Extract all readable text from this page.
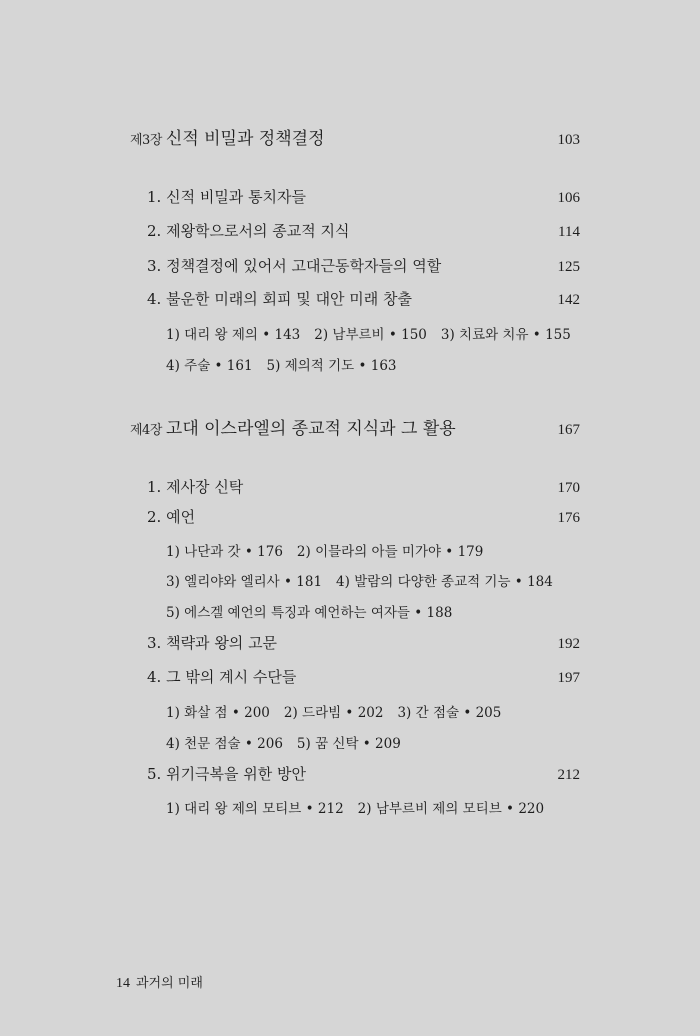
제3장 신적 비밀과 정책결정	103
1. 신적 비밀과 통치자들	106
2. 제왕학으로서의 종교적 지식	114
3. 정책결정에 있어서 고대근동학자들의 역할	125
4. 불운한 미래의 회피 및 대안 미래 창출	142
1) 대리 왕 제의 • 143 2) 남부르비 • 150 3) 치료와 치유 • 155
4) 주술 • 161 5) 제의적 기도 • 163
제4장 고대 이스라엘의 종교적 지식과 그 활용	167
1. 제사장 신탁	170
2. 예언	176
1) 나단과 갓 • 176 2) 이믈라의 아들 미가야 • 179
3) 엘리야와 엘리사 • 181 4) 발람의 다양한 종교적 기능 • 184
5) 에스겔 예언의 특징과 예언하는 여자들 • 188
3. 책략과 왕의 고문	192
4. 그 밖의 계시 수단들	197
1) 화살 점 • 200 2) 드라빔 • 202 3) 간 점술 • 205
4) 천문 점술 • 206 5) 꿈 신탁 • 209
5. 위기극복을 위한 방안	212
1) 대리 왕 제의 모티브 • 212 2) 남부르비 제의 모티브 • 220
14 과거의 미래
